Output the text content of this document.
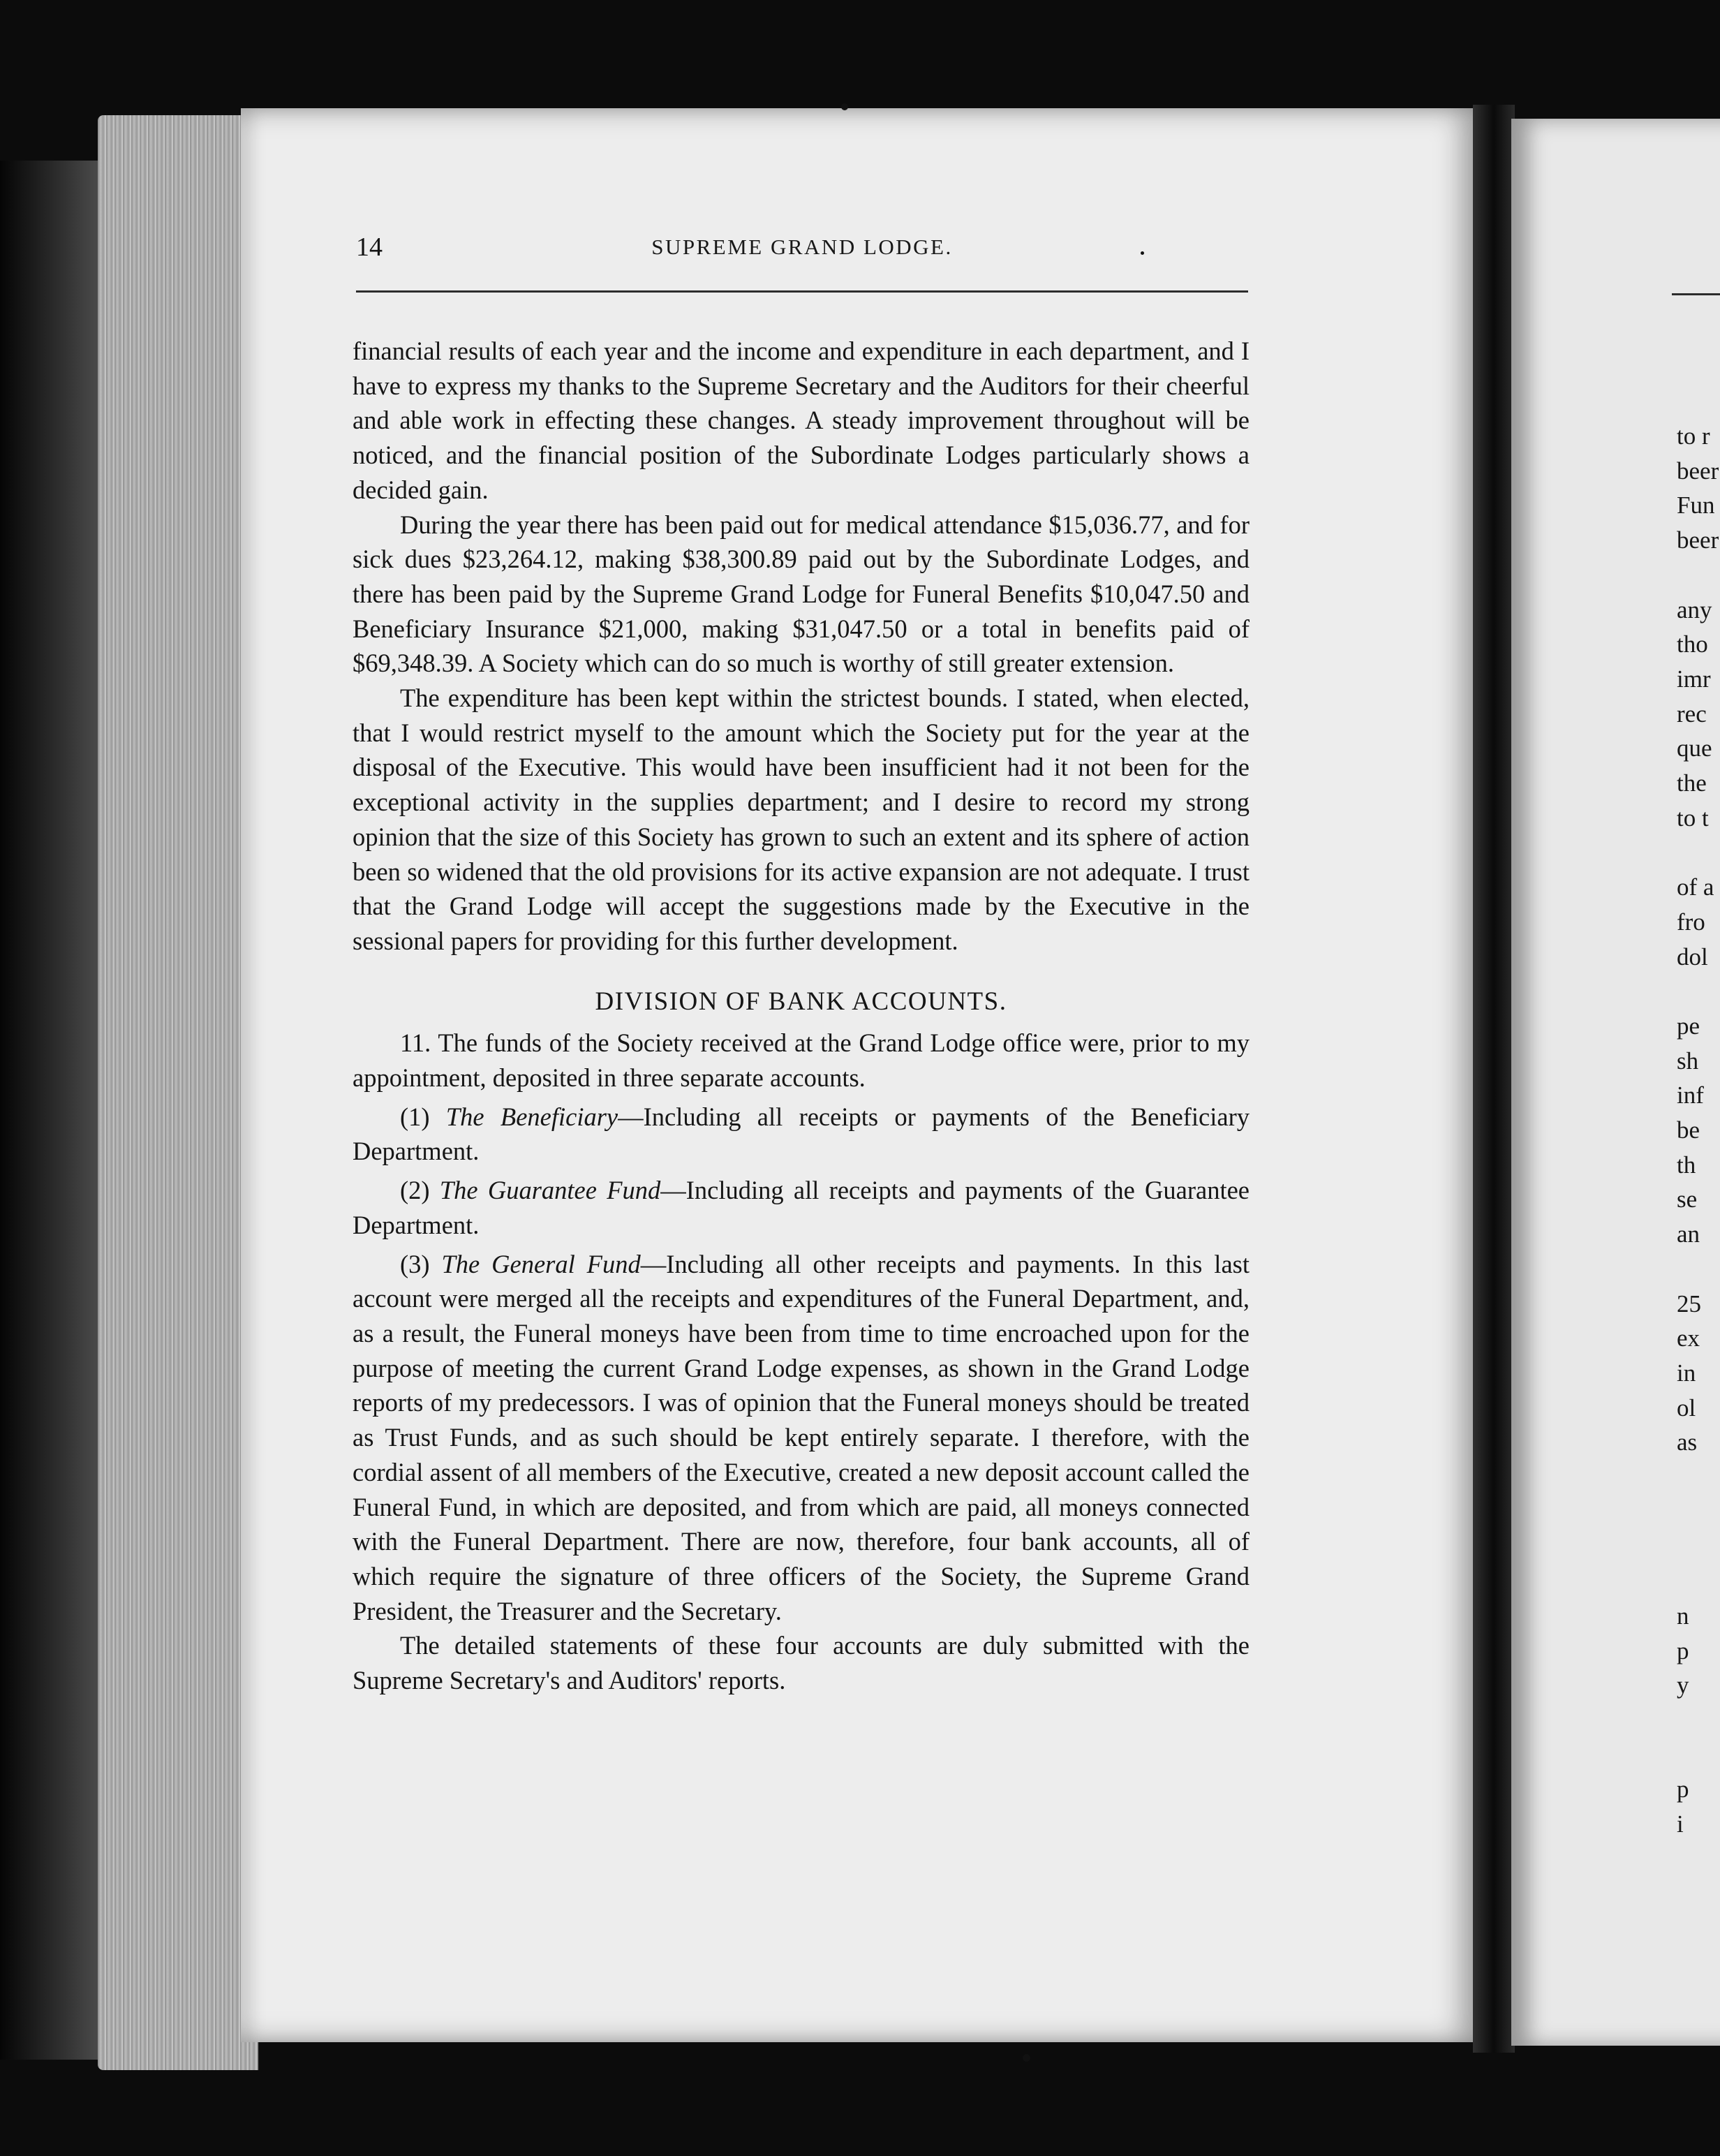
14	SUPREME GRAND LODGE.

financial results of each year and the income and expenditure in each department, and I have to express my thanks to the Supreme Secretary and the Auditors for their cheerful and able work in effecting these changes. A steady improvement throughout will be noticed, and the financial position of the Subordinate Lodges particularly shows a decided gain.

During the year there has been paid out for medical attendance $15,036.77, and for sick dues $23,264.12, making $38,300.89 paid out by the Subordinate Lodges, and there has been paid by the Supreme Grand Lodge for Funeral Benefits $10,047.50 and Beneficiary Insurance $21,000, making $31,047.50 or a total in benefits paid of $69,348.39. A Society which can do so much is worthy of still greater extension.

The expenditure has been kept within the strictest bounds. I stated, when elected, that I would restrict myself to the amount which the Society put for the year at the disposal of the Executive. This would have been insufficient had it not been for the exceptional activity in the supplies department; and I desire to record my strong opinion that the size of this Society has grown to such an extent and its sphere of action been so widened that the old provisions for its active expansion are not adequate. I trust that the Grand Lodge will accept the suggestions made by the Executive in the sessional papers for providing for this further development.

DIVISION OF BANK ACCOUNTS.

11. The funds of the Society received at the Grand Lodge office were, prior to my appointment, deposited in three separate accounts.

(1) The Beneficiary—Including all receipts or payments of the Beneficiary Department.

(2) The Guarantee Fund—Including all receipts and payments of the Guarantee Department.

(3) The General Fund—Including all other receipts and payments. In this last account were merged all the receipts and expenditures of the Funeral Department, and, as a result, the Funeral moneys have been from time to time encroached upon for the purpose of meeting the current Grand Lodge expenses, as shown in the Grand Lodge reports of my predecessors. I was of opinion that the Funeral moneys should be treated as Trust Funds, and as such should be kept entirely separate. I therefore, with the cordial assent of all members of the Executive, created a new deposit account called the Funeral Fund, in which are deposited, and from which are paid, all moneys connected with the Funeral Department. There are now, therefore, four bank accounts, all of which require the signature of three officers of the Society, the Supreme Grand President, the Treasurer and the Secretary.

The detailed statements of these four accounts are duly submitted with the Supreme Secretary's and Auditors' reports.

to r
beer
Fun
beer

any
tho
imr
rec
que
the
to t

of a
fro
dol

pe
sh
inf
be
th
se
an

25
ex
in
ol
as

n
p
y

p
i
